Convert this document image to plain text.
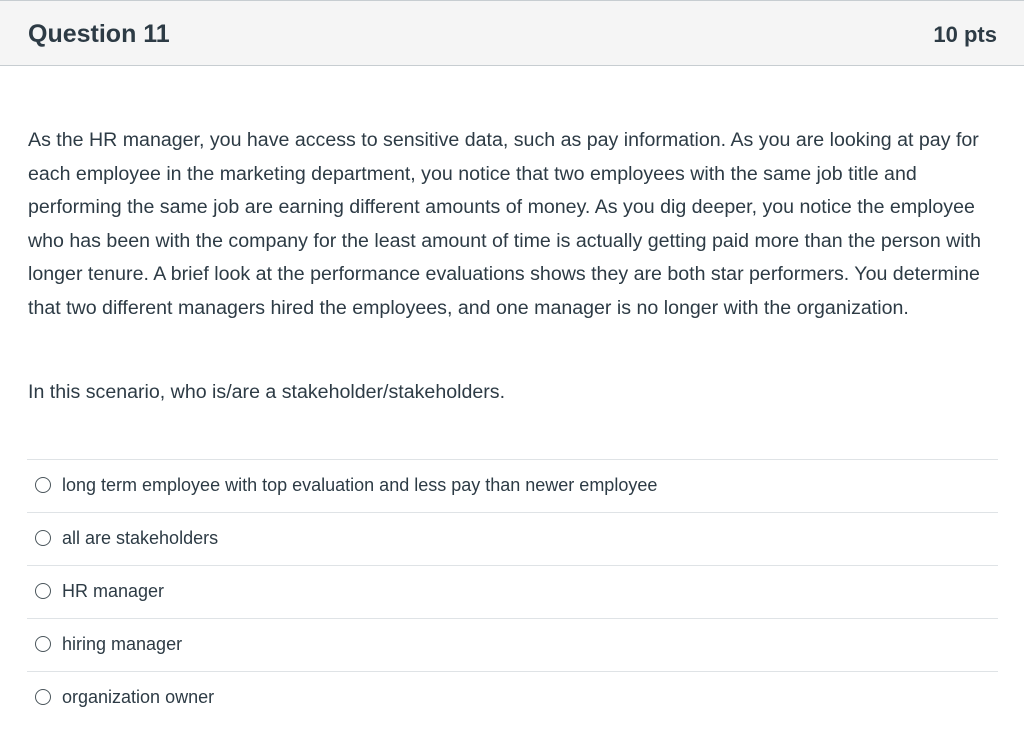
Question 11	10 pts

As the HR manager, you have access to sensitive data, such as pay information. As you are looking at pay for each employee in the marketing department, you notice that two employees with the same job title and performing the same job are earning different amounts of money. As you dig deeper, you notice the employee who has been with the company for the least amount of time is actually getting paid more than the person with longer tenure. A brief look at the performance evaluations shows they are both star performers. You determine that two different managers hired the employees, and one manager is no longer with the organization.

In this scenario, who is/are a stakeholder/stakeholders.

long term employee with top evaluation and less pay than newer employee
all are stakeholders
HR manager
hiring manager
organization owner
